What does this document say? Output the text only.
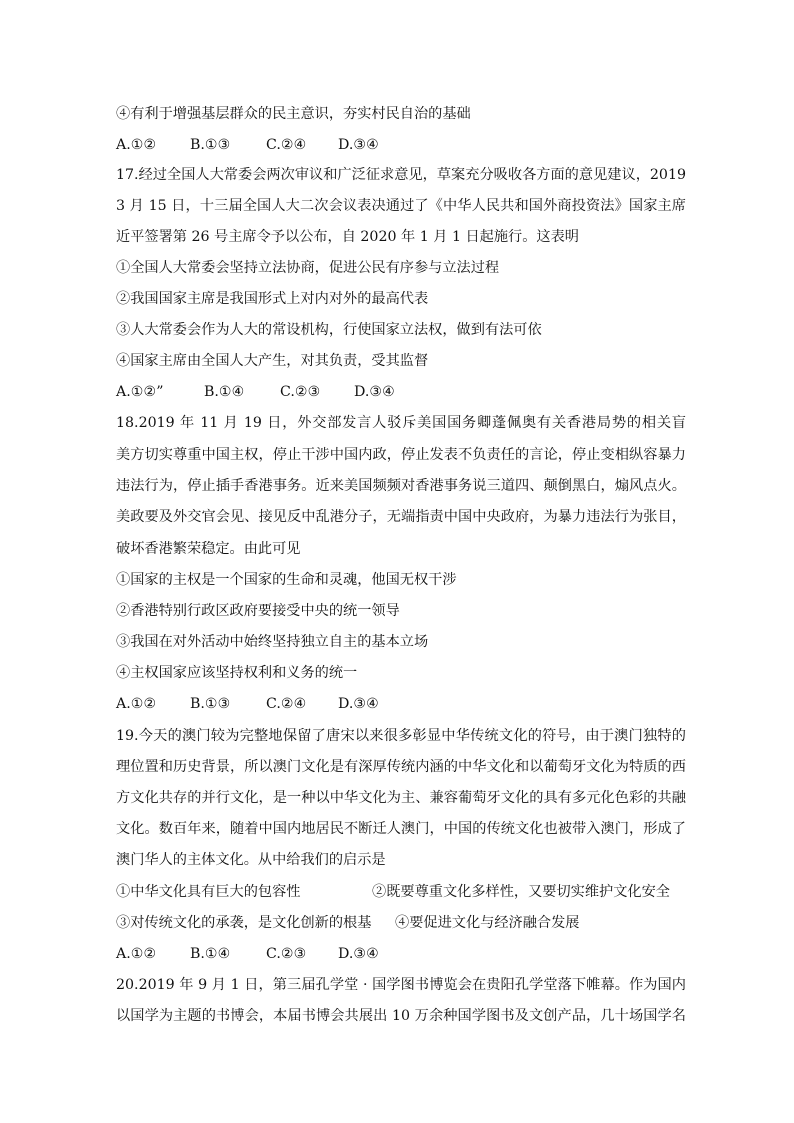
④有利于增强基层群众的民主意识，夯实村民自治的基础
A.①② B.①③	C.②④ D.③④
17.经过全国人大常委会两次审议和广泛征求意见，草案充分吸收各方面的意见建议，2019
3 月 15 日，十三届全国人大二次会议表决通过了《中华人民共和国外商投资法》国家主席
近平签署第 26 号主席令予以公布，自 2020 年 1 月 1 日起施行。这表明
①全国人大常委会坚持立法协商，促进公民有序参与立法过程
②我国国家主席是我国形式上对内对外的最高代表
③人大常委会作为人大的常设机构，行使国家立法权，做到有法可依
④国家主席由全国人大产生，对其负责，受其监督
A.①②”	B.①④	C.②③ D.③④
18.2019 年 11 月 19 日，外交部发言人驳斥美国国务卿蓬佩奥有关香港局势的相关盲
美方切实尊重中国主权，停止干涉中国内政，停止发表不负责任的言论，停止变相纵容暴力
违法行为，停止插手香港事务。近来美国频频对香港事务说三道四、颠倒黑白，煽风点火。
美政要及外交官会见、接见反中乱港分子，无端指责中国中央政府，为暴力违法行为张目，
破坏香港繁荣稳定。由此可见
①国家的主权是一个国家的生命和灵魂，他国无权干涉
②香港特别行政区政府要接受中央的统一领导
③我国在对外活动中始终坚持独立自主的基本立场
④主权国家应该坚持权利和义务的统一
A.①② B.①③	C.②④ D.③④
19.今天的澳门较为完整地保留了唐宋以来很多彰显中华传统文化的符号，由于澳门独特的
理位置和历史背景，所以澳门文化是有深厚传统内涵的中华文化和以葡萄牙文化为特质的西
方文化共存的并行文化，是一种以中华文化为主、兼容葡萄牙文化的具有多元化色彩的共融
文化。数百年来，随着中国内地居民不断迁人澳门，中国的传统文化也被带入澳门，形成了
澳门华人的主体文化。从中给我们的启示是
①中华文化具有巨大的包容性	②既要尊重文化多样性，又要切实维护文化安全
③对传统文化的承袭，是文化创新的根基 ④要促进文化与经济融合发展
A.①② B.①④	C.②③ D.③④
20.2019 年 9 月 1 日，第三届孔学堂 · 国学图书博览会在贵阳孔学堂落下帷幕。作为国内
以国学为主题的书博会，本届书博会共展出 10 万余种国学图书及文创产品，几十场国学名
